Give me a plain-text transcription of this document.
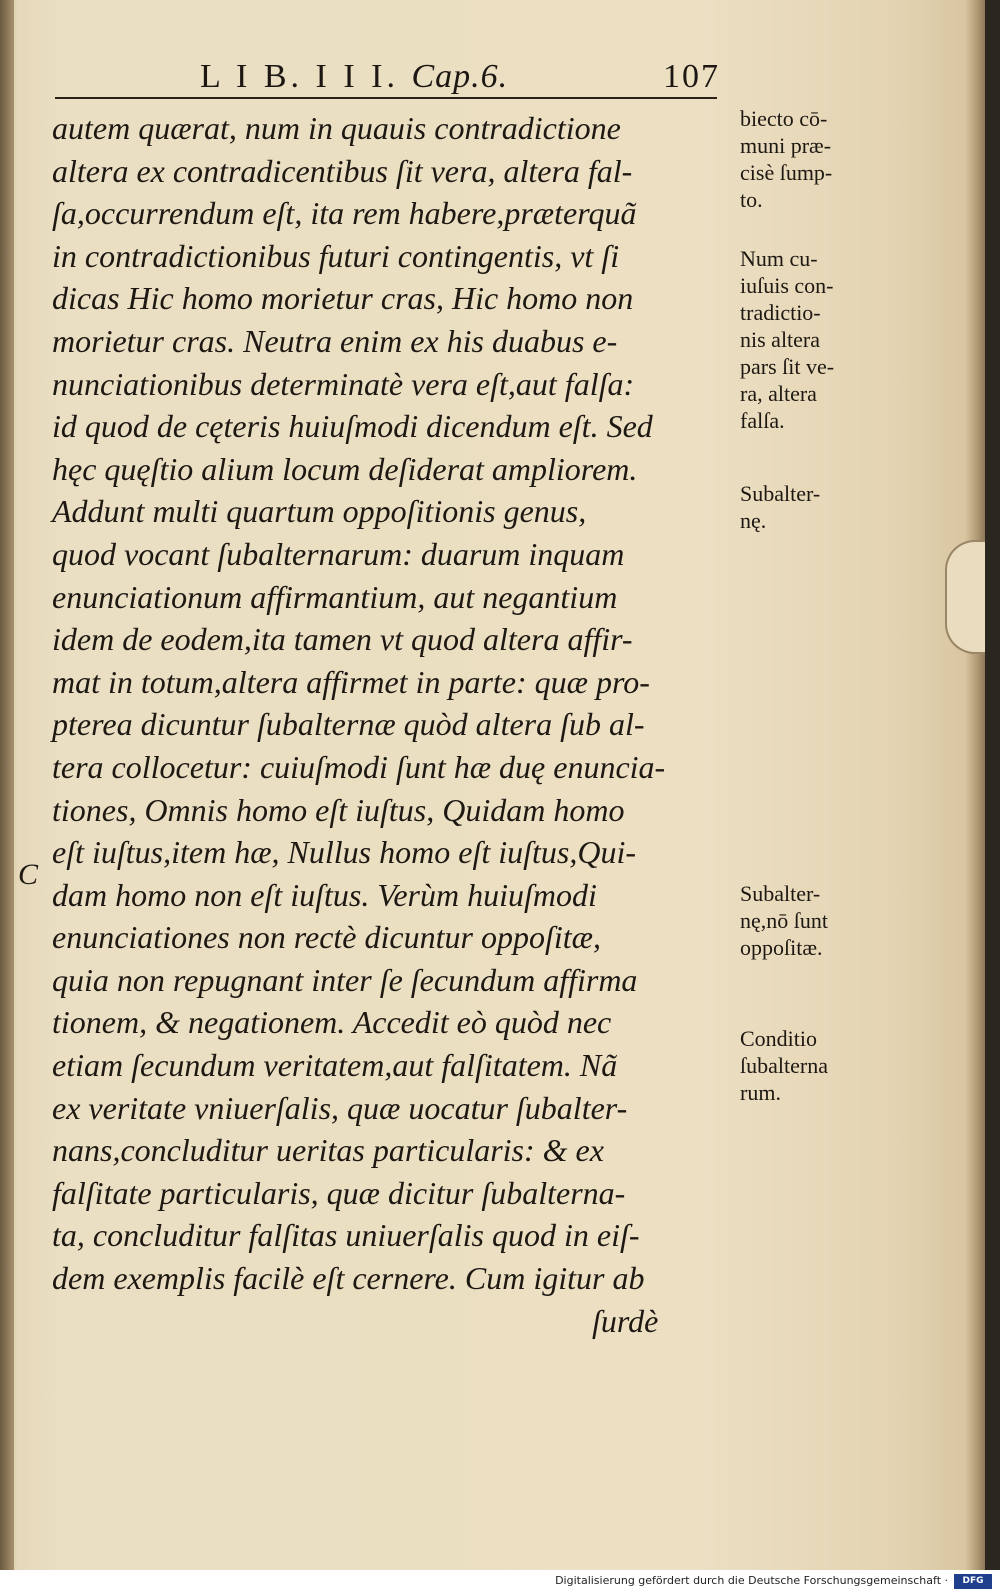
L I B. I I I. Cap.6.	107
C
autem quærat, num in quauis contradictione
altera ex contradicentibus ſit vera, altera fal-
ſa,occurrendum eſt, ita rem habere,præterquã
in contradictionibus futuri contingentis, vt ſi
dicas Hic homo morietur cras, Hic homo non
morietur cras. Neutra enim ex his duabus e-
nunciationibus determinatè vera eſt,aut falſa:
id quod de cęteris huiuſmodi dicendum eſt. Sed
hęc quęſtio alium locum deſiderat ampliorem.
Addunt multi quartum oppoſitionis genus,
quod vocant ſubalternarum: duarum inquam
enunciationum affirmantium, aut negantium
idem de eodem,ita tamen vt quod altera affir-
mat in totum,altera affirmet in parte: quæ pro-
pterea dicuntur ſubalternæ quòd altera ſub al-
tera collocetur: cuiuſmodi ſunt hæ duę enuncia-
tiones, Omnis homo eſt iuſtus, Quidam homo
eſt iuſtus,item hæ, Nullus homo eſt iuſtus,Qui-
dam homo non eſt iuſtus. Verùm huiuſmodi
enunciationes non rectè dicuntur oppoſitæ,
quia non repugnant inter ſe ſecundum affirma
tionem, & negationem. Accedit eò quòd nec
etiam ſecundum veritatem,aut falſitatem. Nã
ex veritate vniuerſalis, quæ uocatur ſubalter-
nans,concluditur ueritas particularis: & ex
falſitate particularis, quæ dicitur ſubalterna-
ta, concluditur falſitas uniuerſalis quod in eiſ-
dem exemplis facilè eſt cernere. Cum igitur ab
ſurdè
biecto cō-
muni præ-
cisè ſump-
to.
Num cu-
iuſuis con-
tradictio-
nis altera
pars ſit ve-
ra, altera
falſa.
Subalter-
nę.
Subalter-
nę,nō ſunt
oppoſitæ.
Conditio
ſubalterna
rum.
Digitalisierung gefördert durch die Deutsche Forschungsgemeinschaft ·	DFG
